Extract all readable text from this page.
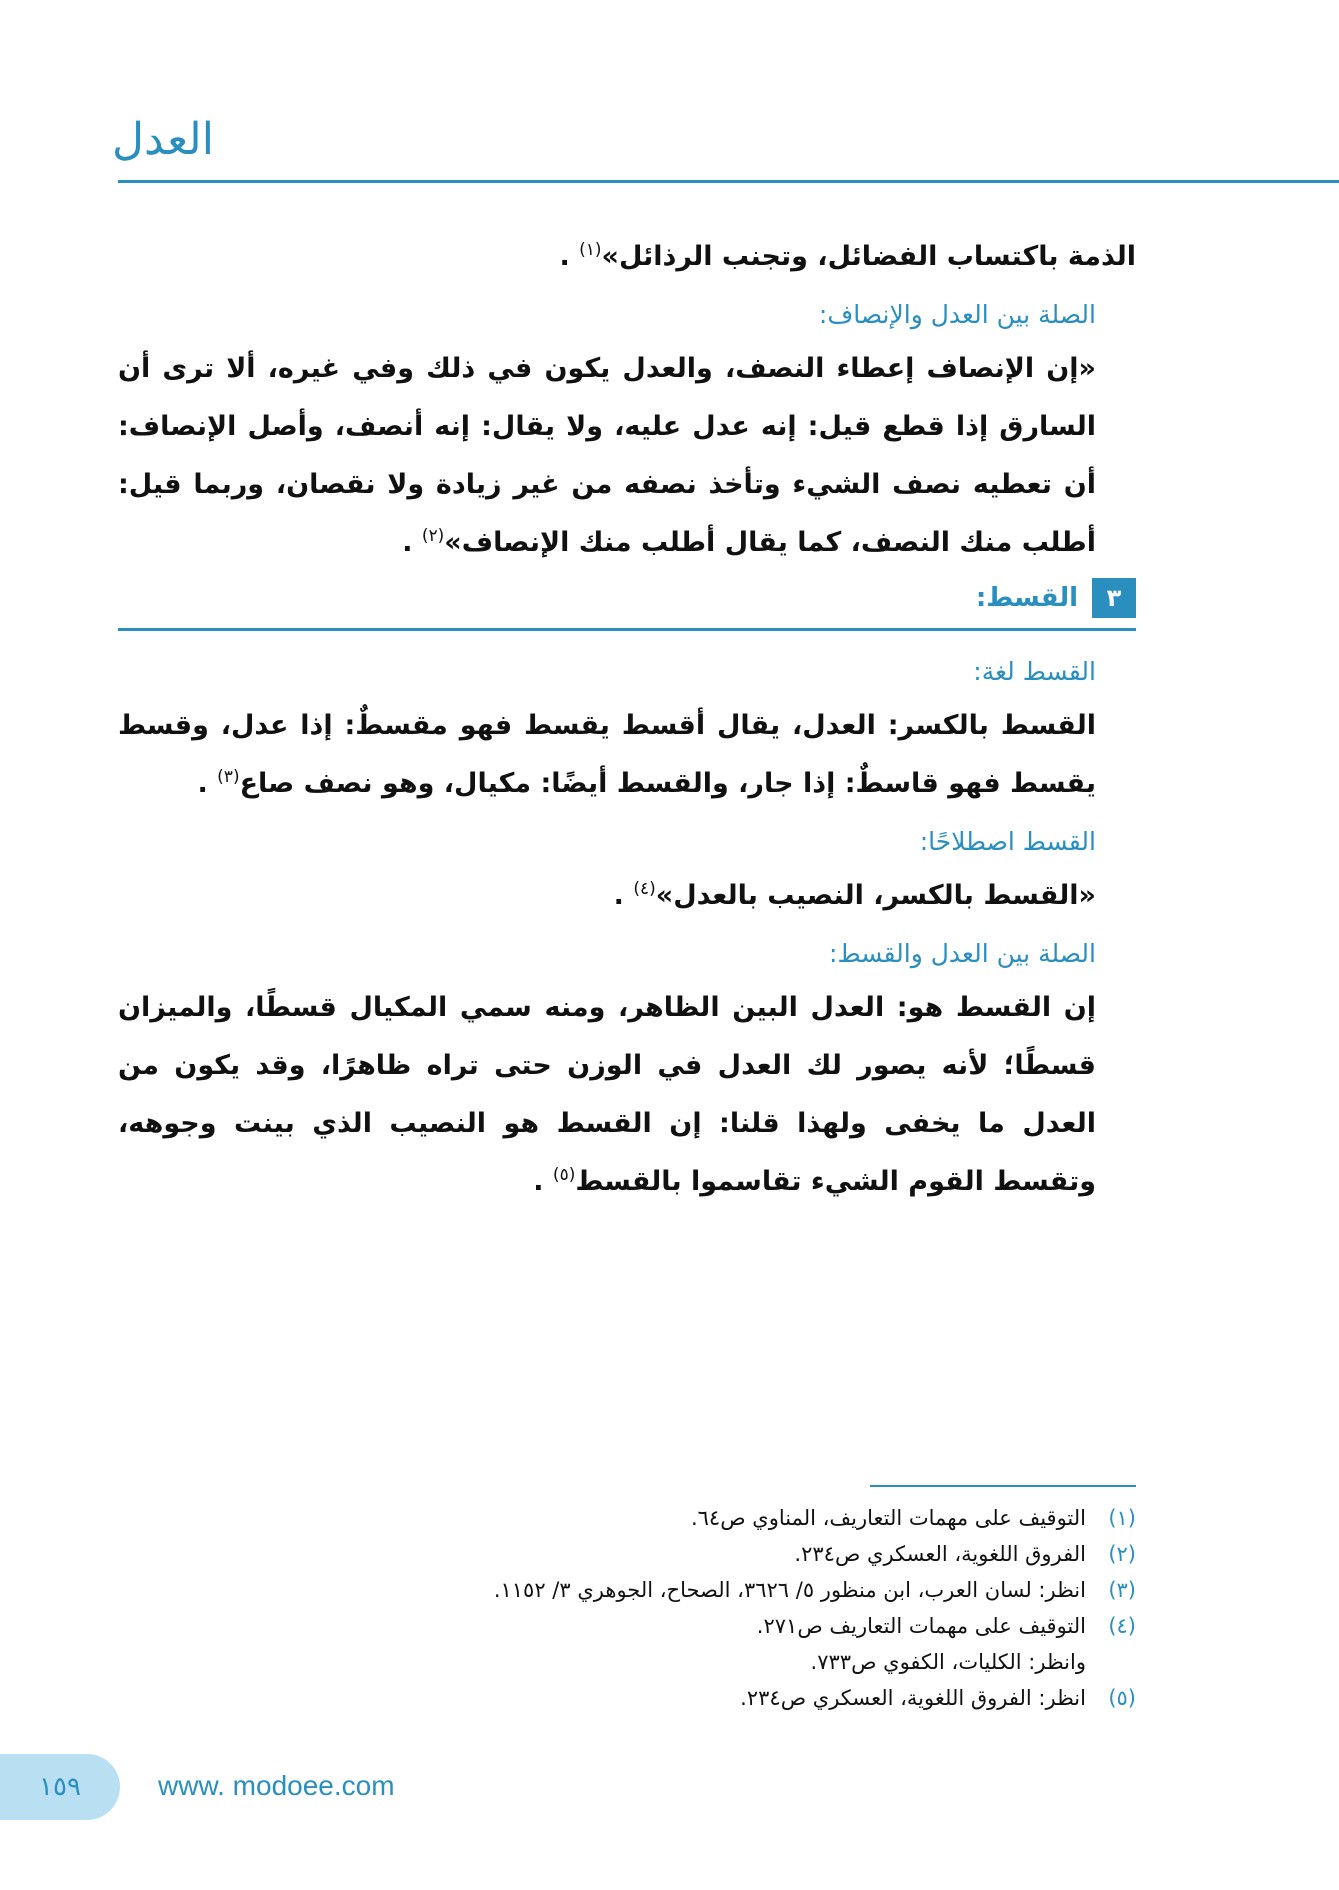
العدل

الذمة باكتساب الفضائل، وتجنب الرذائل»$^{(١)}$ .

الصلة بين العدل والإنصاف:

«إن الإنصاف إعطاء النصف، والعدل يكون في ذلك وفي غيره، ألا ترى أن السارق إذا قطع قيل: إنه عدل عليه، ولا يقال: إنه أنصف، وأصل الإنصاف: أن تعطيه نصف الشيء وتأخذ نصفه من غير زيادة ولا نقصان، وربما قيل: أطلب منك النصف، كما يقال أطلب منك الإنصاف»$^{(٢)}$ .

٣
القسط:

القسط لغة:

القسط بالكسر: العدل، يقال أقسط يقسط فهو مقسطٌ: إذا عدل، وقسط يقسط فهو قاسطٌ: إذا جار، والقسط أيضًا: مكيال، وهو نصف صاع$^{(٣)}$ .

القسط اصطلاحًا:

«القسط بالكسر، النصيب بالعدل»$^{(٤)}$ .

الصلة بين العدل والقسط:

إن القسط هو: العدل البين الظاهر، ومنه سمي المكيال قسطًا، والميزان قسطًا؛ لأنه يصور لك العدل في الوزن حتى تراه ظاهرًا، وقد يكون من العدل ما يخفى ولهذا قلنا: إن القسط هو النصيب الذي بينت وجوهه، وتقسط القوم الشيء تقاسموا بالقسط$^{(٥)}$ .

(١)
التوقيف على مهمات التعاريف، المناوي ص٦٤.
(٢)
الفروق اللغوية، العسكري ص٢٣٤.
(٣)
انظر: لسان العرب، ابن منظور ٥/ ٣٦٢٦، الصحاح، الجوهري ٣/ ١١٥٢.
(٤)
التوقيف على مهمات التعاريف ص٢٧١.
وانظر: الكليات، الكفوي ص٧٣٣.
(٥)
انظر: الفروق اللغوية، العسكري ص٢٣٤.
١٥٩	www. modoee.com
